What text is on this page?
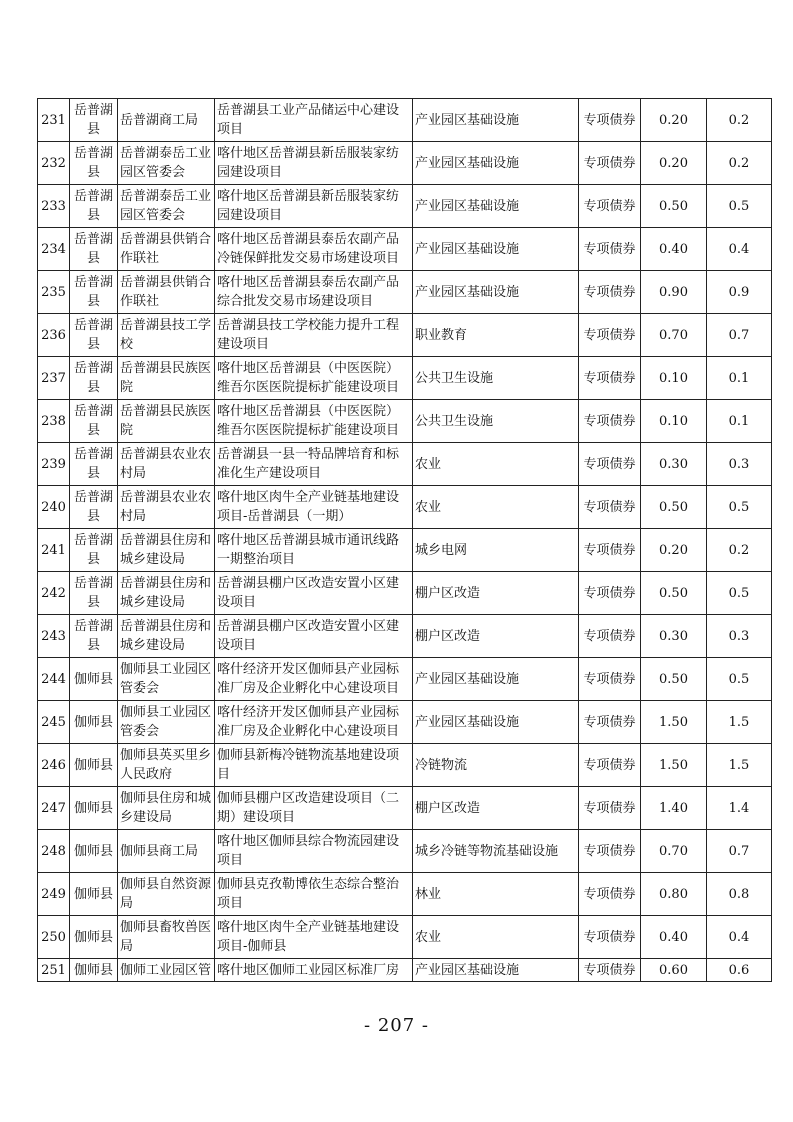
231	岳普湖县	岳普湖商工局	岳普湖县工业产品储运中心建设项目	产业园区基础设施	专项债券	0.20	0.2
232	岳普湖县	岳普湖泰岳工业园区管委会	喀什地区岳普湖县新岳服装家纺园建设项目	产业园区基础设施	专项债券	0.20	0.2
233	岳普湖县	岳普湖泰岳工业园区管委会	喀什地区岳普湖县新岳服装家纺园建设项目	产业园区基础设施	专项债券	0.50	0.5
234	岳普湖县	岳普湖县供销合作联社	喀什地区岳普湖县泰岳农副产品冷链保鲜批发交易市场建设项目	产业园区基础设施	专项债券	0.40	0.4
235	岳普湖县	岳普湖县供销合作联社	喀什地区岳普湖县泰岳农副产品综合批发交易市场建设项目	产业园区基础设施	专项债券	0.90	0.9
236	岳普湖县	岳普湖县技工学校	岳普湖县技工学校能力提升工程建设项目	职业教育	专项债券	0.70	0.7
237	岳普湖县	岳普湖县民族医院	喀什地区岳普湖县（中医医院）维吾尔医医院提标扩能建设项目	公共卫生设施	专项债券	0.10	0.1
238	岳普湖县	岳普湖县民族医院	喀什地区岳普湖县（中医医院）维吾尔医医院提标扩能建设项目	公共卫生设施	专项债券	0.10	0.1
239	岳普湖县	岳普湖县农业农村局	岳普湖县一县一特品牌培育和标准化生产建设项目	农业	专项债券	0.30	0.3
240	岳普湖县	岳普湖县农业农村局	喀什地区肉牛全产业链基地建设项目-岳普湖县（一期）	农业	专项债券	0.50	0.5
241	岳普湖县	岳普湖县住房和城乡建设局	喀什地区岳普湖县城市通讯线路一期整治项目	城乡电网	专项债券	0.20	0.2
242	岳普湖县	岳普湖县住房和城乡建设局	岳普湖县棚户区改造安置小区建设项目	棚户区改造	专项债券	0.50	0.5
243	岳普湖县	岳普湖县住房和城乡建设局	岳普湖县棚户区改造安置小区建设项目	棚户区改造	专项债券	0.30	0.3
244	伽师县	伽师县工业园区管委会	喀什经济开发区伽师县产业园标准厂房及企业孵化中心建设项目	产业园区基础设施	专项债券	0.50	0.5
245	伽师县	伽师县工业园区管委会	喀什经济开发区伽师县产业园标准厂房及企业孵化中心建设项目	产业园区基础设施	专项债券	1.50	1.5
246	伽师县	伽师县英买里乡人民政府	伽师县新梅冷链物流基地建设项目	冷链物流	专项债券	1.50	1.5
247	伽师县	伽师县住房和城乡建设局	伽师县棚户区改造建设项目（二期）建设项目	棚户区改造	专项债券	1.40	1.4
248	伽师县	伽师县商工局	喀什地区伽师县综合物流园建设项目	城乡冷链等物流基础设施	专项债券	0.70	0.7
249	伽师县	伽师县自然资源局	伽师县克孜勒博依生态综合整治项目	林业	专项债券	0.80	0.8
250	伽师县	伽师县畜牧兽医局	喀什地区肉牛全产业链基地建设项目-伽师县	农业	专项债券	0.40	0.4
251	伽师县	伽师工业园区管	喀什地区伽师工业园区标准厂房	产业园区基础设施	专项债券	0.60	0.6
- 207 -
